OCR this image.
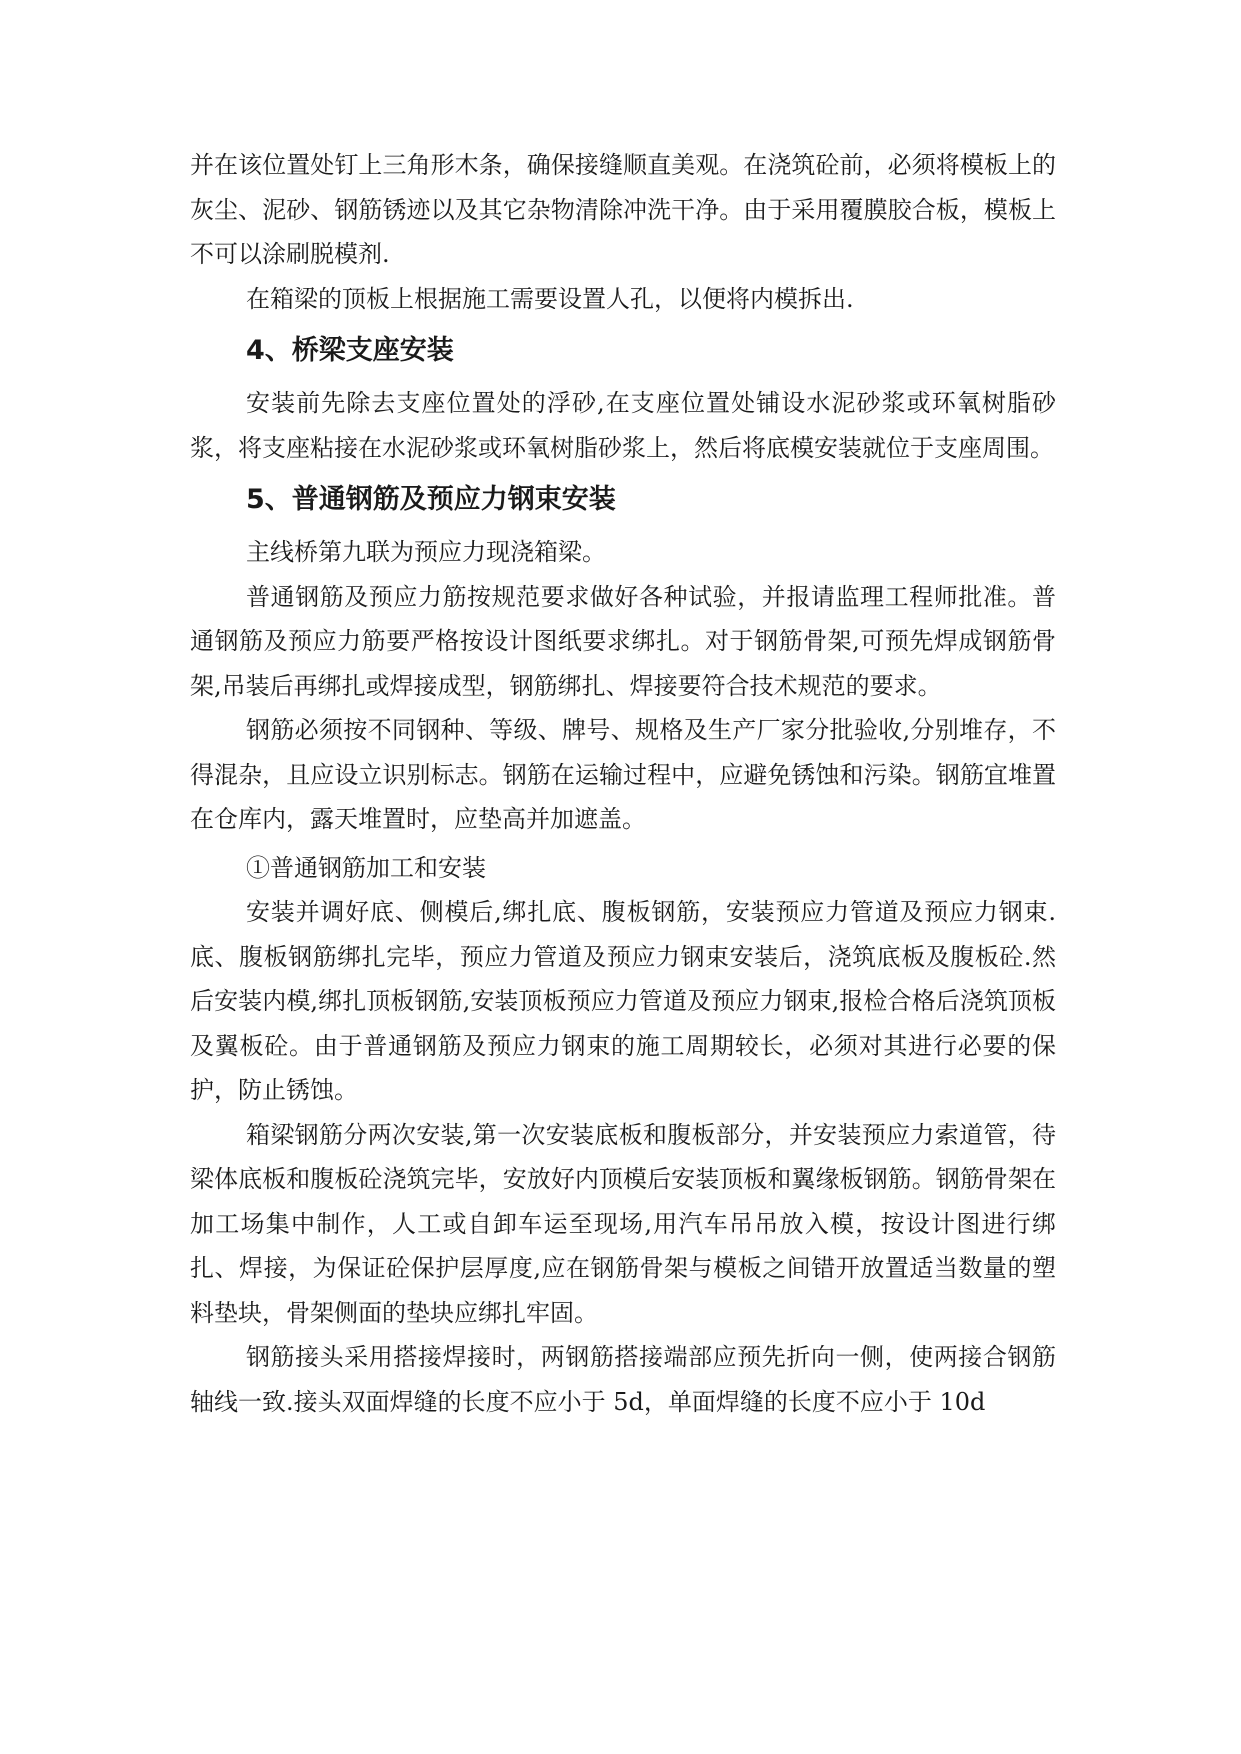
并在该位置处钉上三角形木条，确保接缝顺直美观。在浇筑砼前，必须将模板上的灰尘、泥砂、钢筋锈迹以及其它杂物清除冲洗干净。由于采用覆膜胶合板，模板上不可以涂刷脱模剂.

在箱梁的顶板上根据施工需要设置人孔，以便将内模拆出.

4、桥梁支座安装

安装前先除去支座位置处的浮砂,在支座位置处铺设水泥砂浆或环氧树脂砂浆，将支座粘接在水泥砂浆或环氧树脂砂浆上，然后将底模安装就位于支座周围。

5、普通钢筋及预应力钢束安装

主线桥第九联为预应力现浇箱梁。

普通钢筋及预应力筋按规范要求做好各种试验，并报请监理工程师批准。普通钢筋及预应力筋要严格按设计图纸要求绑扎。对于钢筋骨架,可预先焊成钢筋骨架,吊装后再绑扎或焊接成型，钢筋绑扎、焊接要符合技术规范的要求。

钢筋必须按不同钢种、等级、牌号、规格及生产厂家分批验收,分别堆存，不得混杂，且应设立识别标志。钢筋在运输过程中，应避免锈蚀和污染。钢筋宜堆置在仓库内，露天堆置时，应垫高并加遮盖。

①普通钢筋加工和安装

安装并调好底、侧模后,绑扎底、腹板钢筋，安装预应力管道及预应力钢束.底、腹板钢筋绑扎完毕，预应力管道及预应力钢束安装后，浇筑底板及腹板砼.然后安装内模,绑扎顶板钢筋,安装顶板预应力管道及预应力钢束,报检合格后浇筑顶板及翼板砼。由于普通钢筋及预应力钢束的施工周期较长，必须对其进行必要的保护，防止锈蚀。

箱梁钢筋分两次安装,第一次安装底板和腹板部分，并安装预应力索道管，待梁体底板和腹板砼浇筑完毕，安放好内顶模后安装顶板和翼缘板钢筋。钢筋骨架在加工场集中制作，人工或自卸车运至现场,用汽车吊吊放入模，按设计图进行绑扎、焊接，为保证砼保护层厚度,应在钢筋骨架与模板之间错开放置适当数量的塑料垫块，骨架侧面的垫块应绑扎牢固。

钢筋接头采用搭接焊接时，两钢筋搭接端部应预先折向一侧，使两接合钢筋轴线一致.接头双面焊缝的长度不应小于 5d，单面焊缝的长度不应小于 10d
